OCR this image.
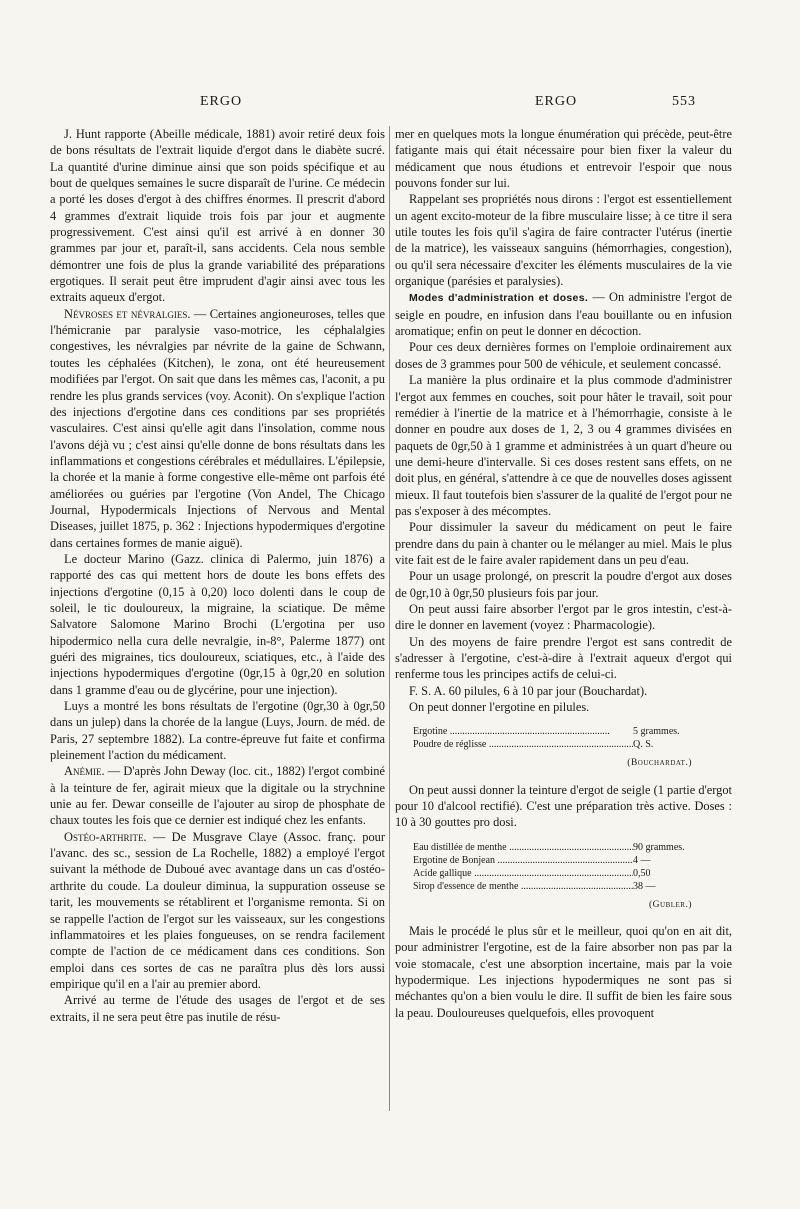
ERGO	ERGO	553

J. Hunt rapporte (Abeille médicale, 1881) avoir retiré deux fois de bons résultats de l'extrait liquide d'ergot dans le diabète sucré. La quantité d'urine diminue ainsi que son poids spécifique et au bout de quelques semaines le sucre disparaît de l'urine. Ce médecin a porté les doses d'ergot à des chiffres énormes. Il prescrit d'abord 4 grammes d'extrait liquide trois fois par jour et augmente progressivement. C'est ainsi qu'il est arrivé à en donner 30 grammes par jour et, paraît-il, sans accidents. Cela nous semble démontrer une fois de plus la grande variabilité des préparations ergotiques. Il serait peut être imprudent d'agir ainsi avec tous les extraits aqueux d'ergot.

Névroses et névralgies. — Certaines angioneuroses, telles que l'hémicranie par paralysie vaso-motrice, les céphalalgies congestives, les névralgies par névrite de la gaine de Schwann, toutes les céphalées (Kitchen), le zona, ont été heureusement modifiées par l'ergot. On sait que dans les mêmes cas, l'aconit, a pu rendre les plus grands services (voy. Aconit). On s'explique l'action des injections d'ergotine dans ces conditions par ses propriétés vasculaires. C'est ainsi qu'elle agit dans l'insolation, comme nous l'avons déjà vu ; c'est ainsi qu'elle donne de bons résultats dans les inflammations et congestions cérébrales et médullaires. L'épilepsie, la chorée et la manie à forme congestive elle-même ont parfois été améliorées ou guéries par l'ergotine (Von Andel, The Chicago Journal, Hypodermicals Injections of Nervous and Mental Diseases, juillet 1875, p. 362 : Injections hypodermiques d'ergotine dans certaines formes de manie aiguë).

Le docteur Marino (Gazz. clinica di Palermo, juin 1876) a rapporté des cas qui mettent hors de doute les bons effets des injections d'ergotine (0,15 à 0,20) loco dolenti dans le coup de soleil, le tic douloureux, la migraine, la sciatique. De même Salvatore Salomone Marino Brochi (L'ergotina per uso hipodermico nella cura delle nevralgie, in-8°, Palerme 1877) ont guéri des migraines, tics douloureux, sciatiques, etc., à l'aide des injections hypodermiques d'ergotine (0gr,15 à 0gr,20 en solution dans 1 gramme d'eau ou de glycérine, pour une injection).

Luys a montré les bons résultats de l'ergotine (0gr,30 à 0gr,50 dans un julep) dans la chorée de la langue (Luys, Journ. de méd. de Paris, 27 septembre 1882). La contre-épreuve fut faite et confirma pleinement l'action du médicament.

Anémie. — D'après John Deway (loc. cit., 1882) l'ergot combiné à la teinture de fer, agirait mieux que la digitale ou la strychnine unie au fer. Dewar conseille de l'ajouter au sirop de phosphate de chaux toutes les fois que ce dernier est indiqué chez les enfants.

Ostéo-arthrite. — De Musgrave Claye (Assoc. franç. pour l'avanc. des sc., session de La Rochelle, 1882) a employé l'ergot suivant la méthode de Duboué avec avantage dans un cas d'ostéo-arthrite du coude. La douleur diminua, la suppuration osseuse se tarit, les mouvements se rétablirent et l'organisme remonta. Si on se rappelle l'action de l'ergot sur les vaisseaux, sur les congestions inflammatoires et les plaies fongueuses, on se rendra facilement compte de l'action de ce médicament dans ces conditions. Son emploi dans ces sortes de cas ne paraîtra plus dès lors aussi empirique qu'il en a l'air au premier abord.

Arrivé au terme de l'étude des usages de l'ergot et de ses extraits, il ne sera peut être pas inutile de résu-

mer en quelques mots la longue énumération qui précède, peut-être fatigante mais qui était nécessaire pour bien fixer la valeur du médicament que nous étudions et entrevoir l'espoir que nous pouvons fonder sur lui.

Rappelant ses propriétés nous dirons : l'ergot est essentiellement un agent excito-moteur de la fibre musculaire lisse; à ce titre il sera utile toutes les fois qu'il s'agira de faire contracter l'utérus (inertie de la matrice), les vaisseaux sanguins (hémorrhagies, congestion), ou qu'il sera nécessaire d'exciter les éléments musculaires de la vie organique (parésies et paralysies).

Modes d'administration et doses. — On administre l'ergot de seigle en poudre, en infusion dans l'eau bouillante ou en infusion aromatique; enfin on peut le donner en décoction.

Pour ces deux dernières formes on l'emploie ordinairement aux doses de 3 grammes pour 500 de véhicule, et seulement concassé.

La manière la plus ordinaire et la plus commode d'administrer l'ergot aux femmes en couches, soit pour hâter le travail, soit pour remédier à l'inertie de la matrice et à l'hémorrhagie, consiste à le donner en poudre aux doses de 1, 2, 3 ou 4 grammes divisées en paquets de 0gr,50 à 1 gramme et administrées à un quart d'heure ou une demi-heure d'intervalle. Si ces doses restent sans effets, on ne doit plus, en général, s'attendre à ce que de nouvelles doses agissent mieux. Il faut toutefois bien s'assurer de la qualité de l'ergot pour ne pas s'exposer à des mécomptes.

Pour dissimuler la saveur du médicament on peut le faire prendre dans du pain à chanter ou le mélanger au miel. Mais le plus vite fait est de le faire avaler rapidement dans un peu d'eau.

Pour un usage prolongé, on prescrit la poudre d'ergot aux doses de 0gr,10 à 0gr,50 plusieurs fois par jour.

On peut aussi faire absorber l'ergot par le gros intestin, c'est-à-dire le donner en lavement (voyez : Pharmacologie).

Un des moyens de faire prendre l'ergot est sans contredit de s'adresser à l'ergotine, c'est-à-dire à l'extrait aqueux d'ergot qui renferme tous les principes actifs de celui-ci.

F. S. A. 60 pilules, 6 à 10 par jour (Bouchardat).

On peut donner l'ergotine en pilules.

Ergotine .....	5 grammes.
Poudre de réglisse .....	Q. S.
(Bouchardat.)

On peut aussi donner la teinture d'ergot de seigle (1 partie d'ergot pour 10 d'alcool rectifié). C'est une préparation très active. Doses : 10 à 30 gouttes pro dosi.

Eau distillée de menthe .....	90 grammes.
Ergotine de Bonjean .....	4 —
Acide gallique .....	0,50
Sirop d'essence de menthe .....	38 —
(Gubler.)

Mais le procédé le plus sûr et le meilleur, quoi qu'on en ait dit, pour administrer l'ergotine, est de la faire absorber non pas par la voie stomacale, c'est une absorption incertaine, mais par la voie hypodermique. Les injections hypodermiques ne sont pas si méchantes qu'on a bien voulu le dire. Il suffit de bien les faire sous la peau. Douloureuses quelquefois, elles provoquent
